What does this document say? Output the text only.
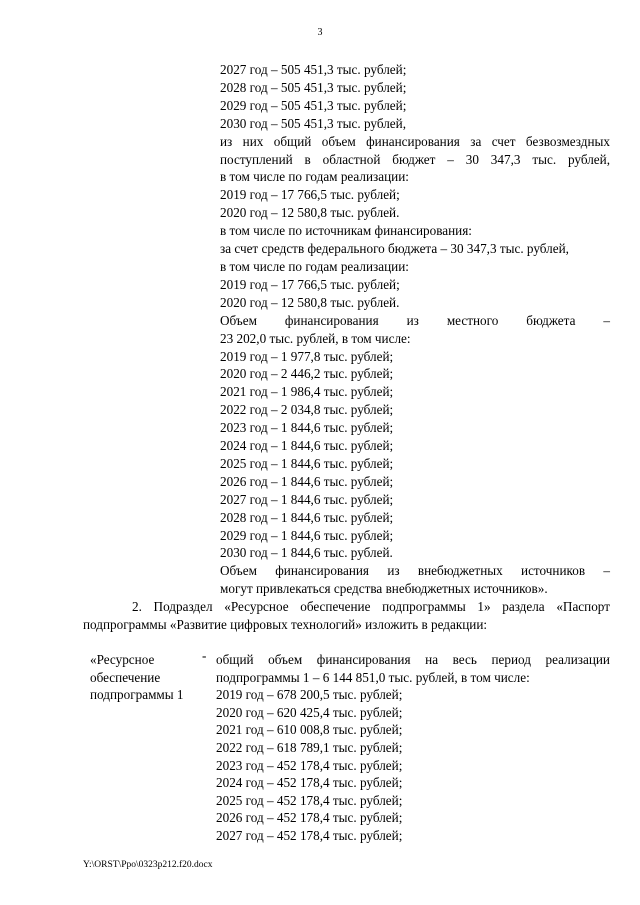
3
2027 год – 505 451,3 тыс. рублей;
2028 год – 505 451,3 тыс. рублей;
2029 год – 505 451,3 тыс. рублей;
2030 год – 505 451,3 тыс. рублей,
из них общий объем финансирования за счет безвозмездных
поступлений в областной бюджет – 30 347,3 тыс. рублей,
в том числе по годам реализации:
2019 год – 17 766,5 тыс. рублей;
2020 год – 12 580,8 тыс. рублей.
в том числе по источникам финансирования:
за счет средств федерального бюджета – 30 347,3 тыс. рублей,
в том числе по годам реализации:
2019 год – 17 766,5 тыс. рублей;
2020 год – 12 580,8 тыс. рублей.
Объем финансирования из местного бюджета –
23 202,0 тыс. рублей, в том числе:
2019 год – 1 977,8 тыс. рублей;
2020 год – 2 446,2 тыс. рублей;
2021 год – 1 986,4 тыс. рублей;
2022 год – 2 034,8 тыс. рублей;
2023 год – 1 844,6 тыс. рублей;
2024 год – 1 844,6 тыс. рублей;
2025 год – 1 844,6 тыс. рублей;
2026 год – 1 844,6 тыс. рублей;
2027 год – 1 844,6 тыс. рублей;
2028 год – 1 844,6 тыс. рублей;
2029 год – 1 844,6 тыс. рублей;
2030 год – 1 844,6 тыс. рублей.
Объем финансирования из внебюджетных источников –
могут привлекаться средства внебюджетных источников».
2. Подраздел «Ресурсное обеспечение подпрограммы 1» раздела «Паспорт
подпрограммы «Развитие цифровых технологий» изложить в редакции:
«Ресурсное
обеспечение
подпрограммы 1
- общий объем финансирования на весь период реализации
подпрограммы 1 – 6 144 851,0 тыс. рублей, в том числе:
2019 год – 678 200,5 тыс. рублей;
2020 год – 620 425,4 тыс. рублей;
2021 год – 610 008,8 тыс. рублей;
2022 год – 618 789,1 тыс. рублей;
2023 год – 452 178,4 тыс. рублей;
2024 год – 452 178,4 тыс. рублей;
2025 год – 452 178,4 тыс. рублей;
2026 год – 452 178,4 тыс. рублей;
2027 год – 452 178,4 тыс. рублей;
Y:\ORST\Ppo\0323p212.f20.docx
